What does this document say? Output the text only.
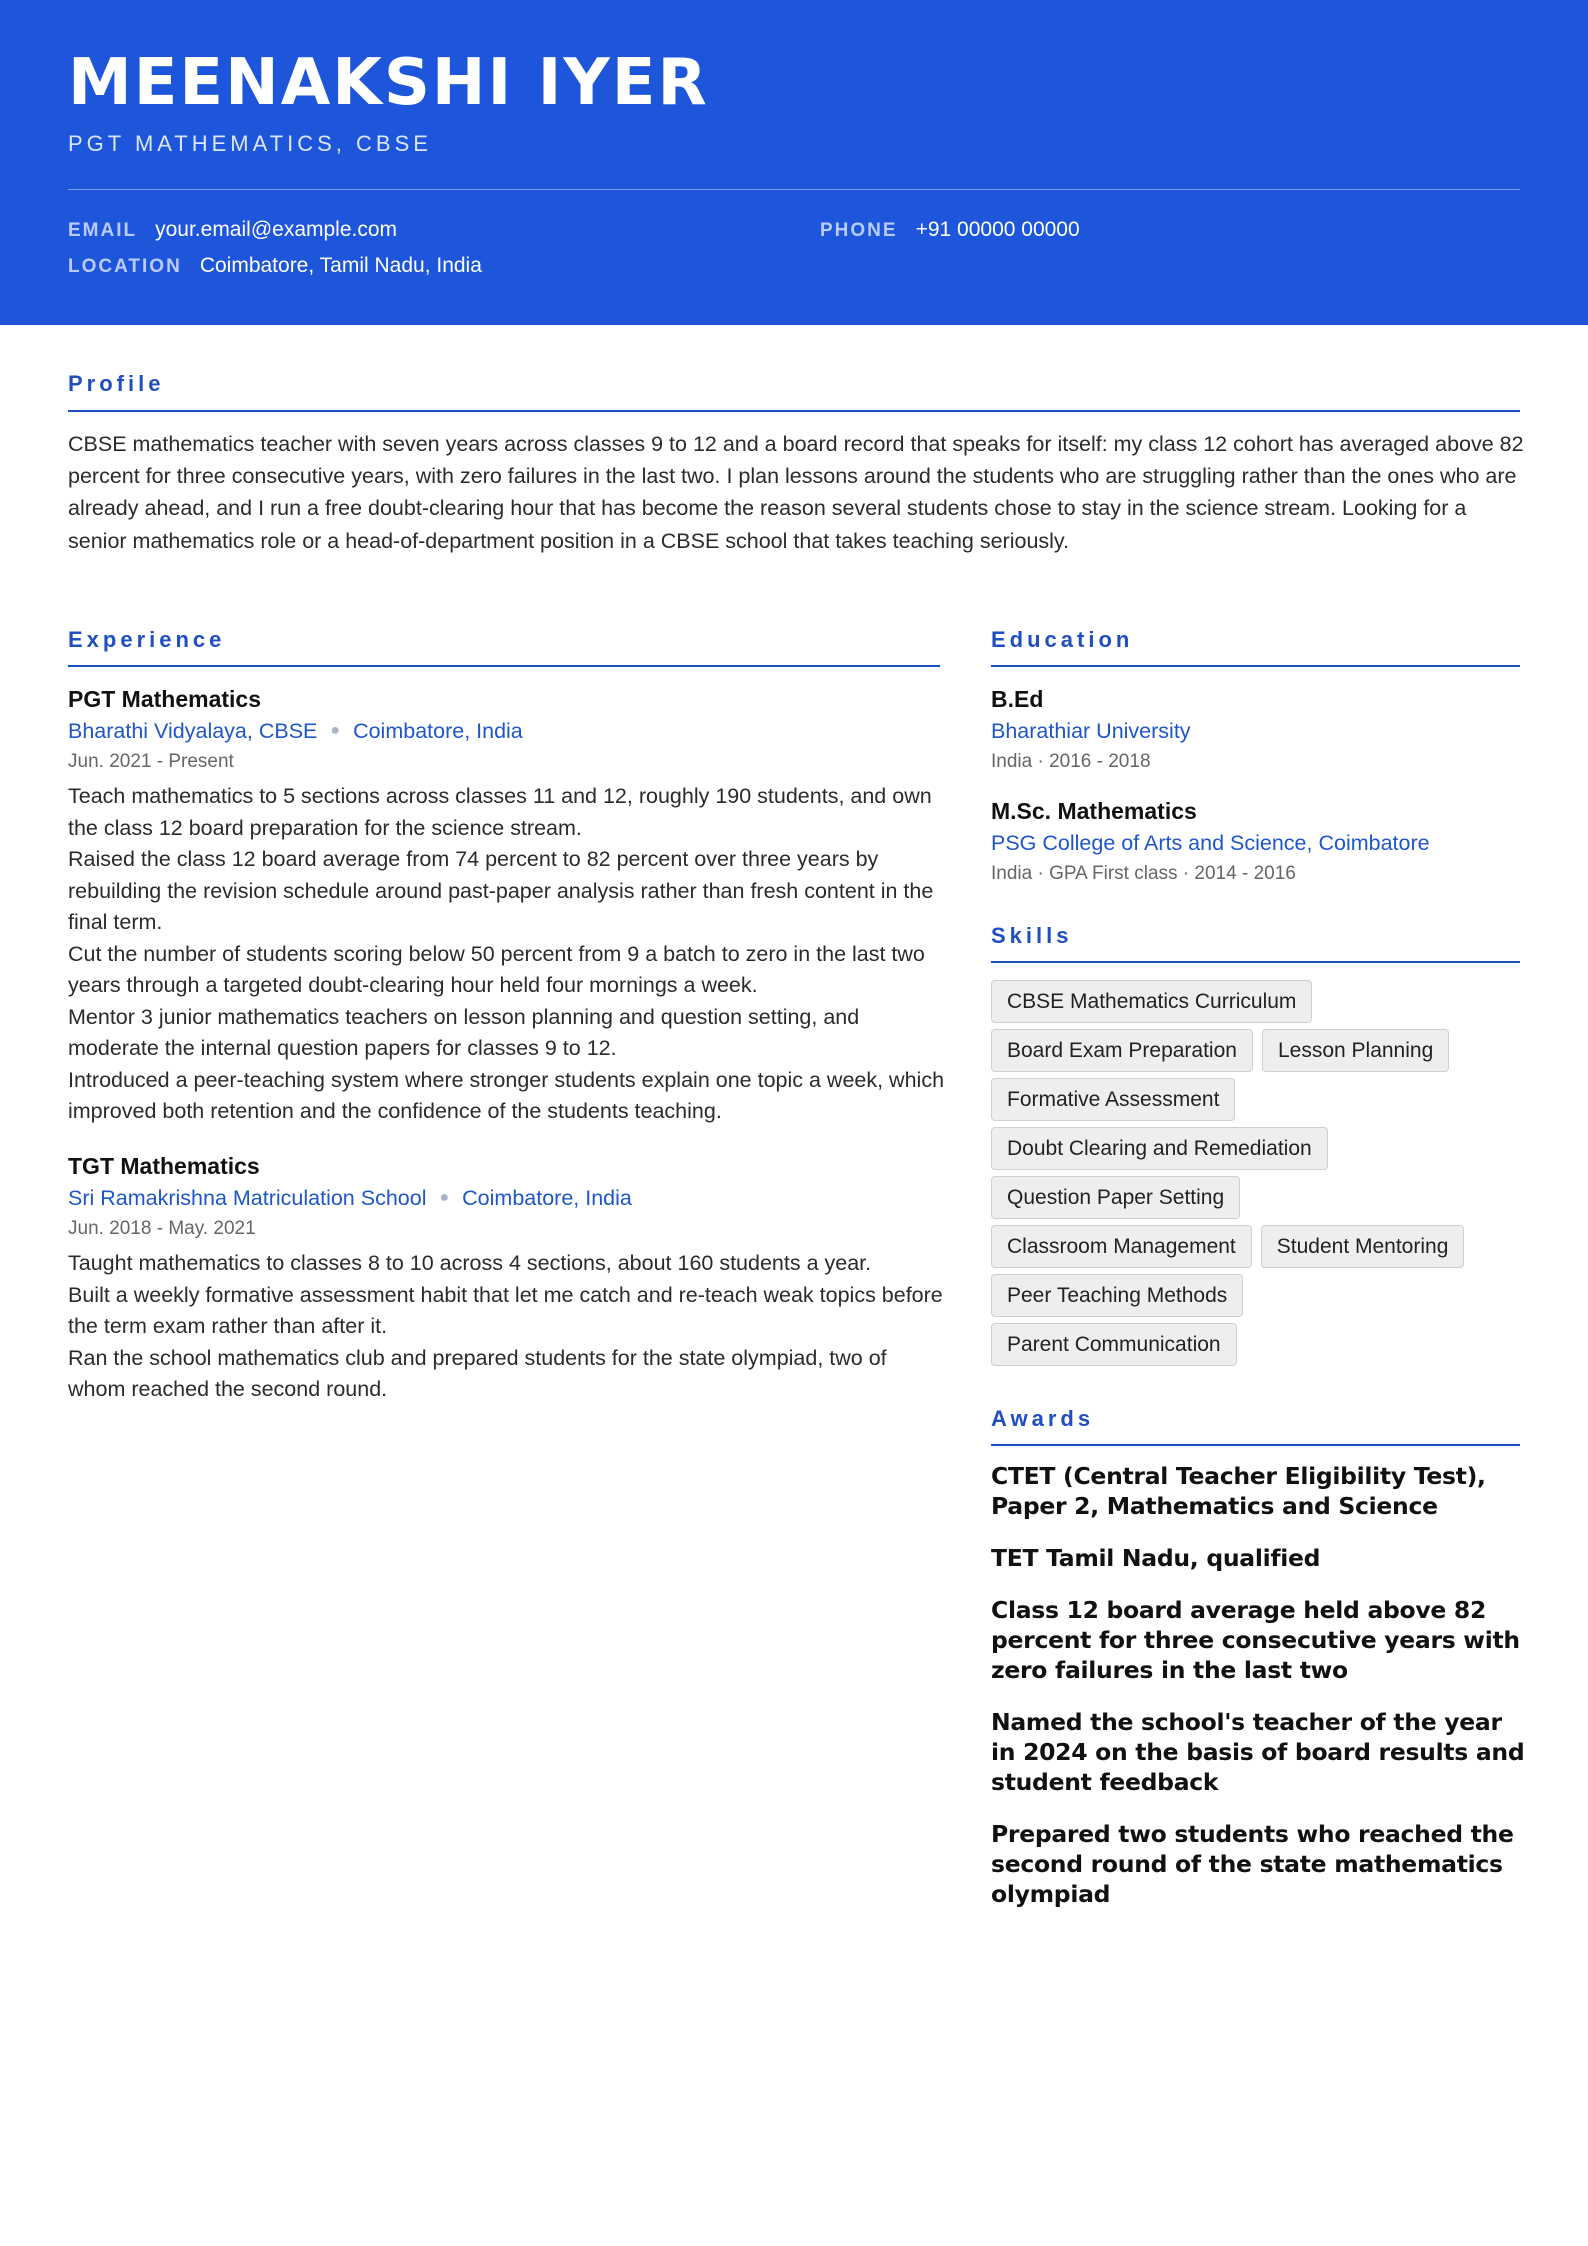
MEENAKSHI IYER
PGT MATHEMATICS, CBSE
EMAIL your.email@example.com	PHONE +91 00000 00000
LOCATION Coimbatore, Tamil Nadu, India
Profile

CBSE mathematics teacher with seven years across classes 9 to 12 and a board record that speaks for itself: my class 12 cohort has averaged above 82 percent for three consecutive years, with zero failures in the last two. I plan lessons around the students who are struggling rather than the ones who are already ahead, and I run a free doubt-clearing hour that has become the reason several students chose to stay in the science stream. Looking for a senior mathematics role or a head-of-department position in a CBSE school that takes teaching seriously.

Experience
PGT Mathematics
Bharathi Vidyalaya, CBSE ● Coimbatore, India
Jun. 2021 - Present
Teach mathematics to 5 sections across classes 11 and 12, roughly 190 students, and own the class 12 board preparation for the science stream.
Raised the class 12 board average from 74 percent to 82 percent over three years by rebuilding the revision schedule around past-paper analysis rather than fresh content in the final term.
Cut the number of students scoring below 50 percent from 9 a batch to zero in the last two years through a targeted doubt-clearing hour held four mornings a week.
Mentor 3 junior mathematics teachers on lesson planning and question setting, and moderate the internal question papers for classes 9 to 12.
Introduced a peer-teaching system where stronger students explain one topic a week, which improved both retention and the confidence of the students teaching.
TGT Mathematics
Sri Ramakrishna Matriculation School ● Coimbatore, India
Jun. 2018 - May. 2021
Taught mathematics to classes 8 to 10 across 4 sections, about 160 students a year.
Built a weekly formative assessment habit that let me catch and re-teach weak topics before the term exam rather than after it.
Ran the school mathematics club and prepared students for the state olympiad, two of whom reached the second round.
Education
B.Ed
Bharathiar University
India · 2016 - 2018
M.Sc. Mathematics
PSG College of Arts and Science, Coimbatore
India · GPA First class · 2014 - 2016
Skills
CBSE Mathematics Curriculum
Board Exam Preparation	Lesson Planning
Formative Assessment
Doubt Clearing and Remediation
Question Paper Setting
Classroom Management	Student Mentoring
Peer Teaching Methods
Parent Communication
Awards
CTET (Central Teacher Eligibility Test), Paper 2, Mathematics and Science
TET Tamil Nadu, qualified
Class 12 board average held above 82 percent for three consecutive years with zero failures in the last two
Named the school's teacher of the year in 2024 on the basis of board results and student feedback
Prepared two students who reached the second round of the state mathematics olympiad
